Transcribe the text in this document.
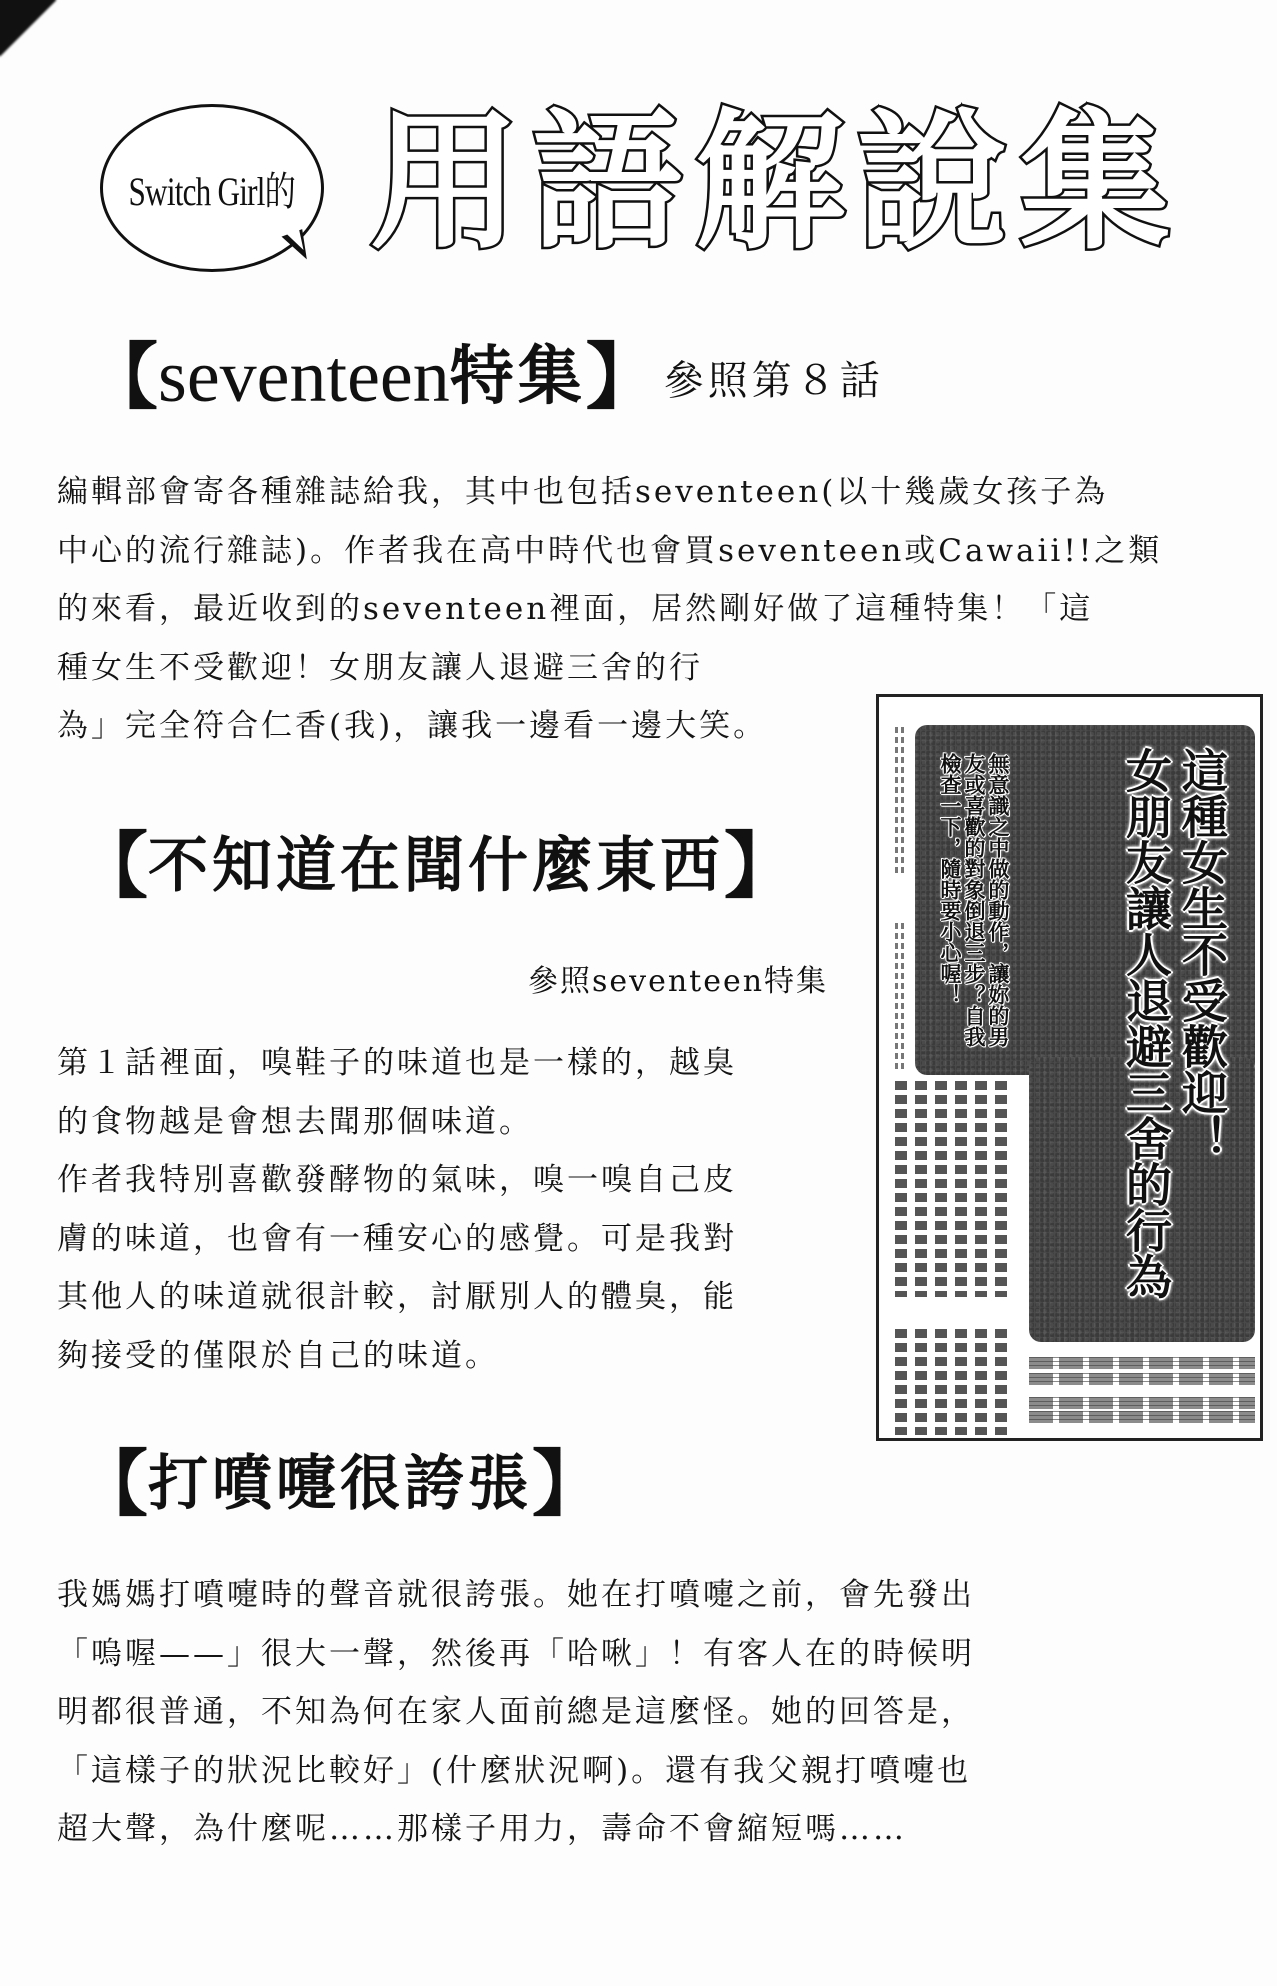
Switch Girl的 用 語 解 說 集
【 seventeen 特集 】 參照第８話
編輯部會寄各種雜誌給我，其中也包括seventeen(以十幾歲女孩子為
中心的流行雜誌)。作者我在高中時代也會買seventeen或Cawaii!!之類
的來看，最近收到的seventeen裡面，居然剛好做了這種特集！「這
種女生不受歡迎！女朋友讓人退避三舍的行
為」完全符合仁香(我)，讓我一邊看一邊大笑。
【 不知道在聞什麼東西 】
參照seventeen特集
第１話裡面，嗅鞋子的味道也是一樣的，越臭
的食物越是會想去聞那個味道。
作者我特別喜歡發酵物的氣味，嗅一嗅自己皮
膚的味道，也會有一種安心的感覺。可是我對
其他人的味道就很計較，討厭別人的體臭，能
夠接受的僅限於自己的味道。
【 打噴嚏很誇張 】
我媽媽打噴嚏時的聲音就很誇張。她在打噴嚏之前，會先發出
「嗚喔——」很大一聲，然後再「哈啾」！有客人在的時候明
明都很普通，不知為何在家人面前總是這麼怪。她的回答是，
「這樣子的狀況比較好」(什麼狀況啊)。還有我父親打噴嚏也
超大聲，為什麼呢……那樣子用力，壽命不會縮短嗎……
這種女生不受歡迎！
女朋友讓人退避三舍的行為
無意識之中做的動作，讓妳的男
友或喜歡的對象倒退三步？自我
檢查一下，隨時要小心喔！
